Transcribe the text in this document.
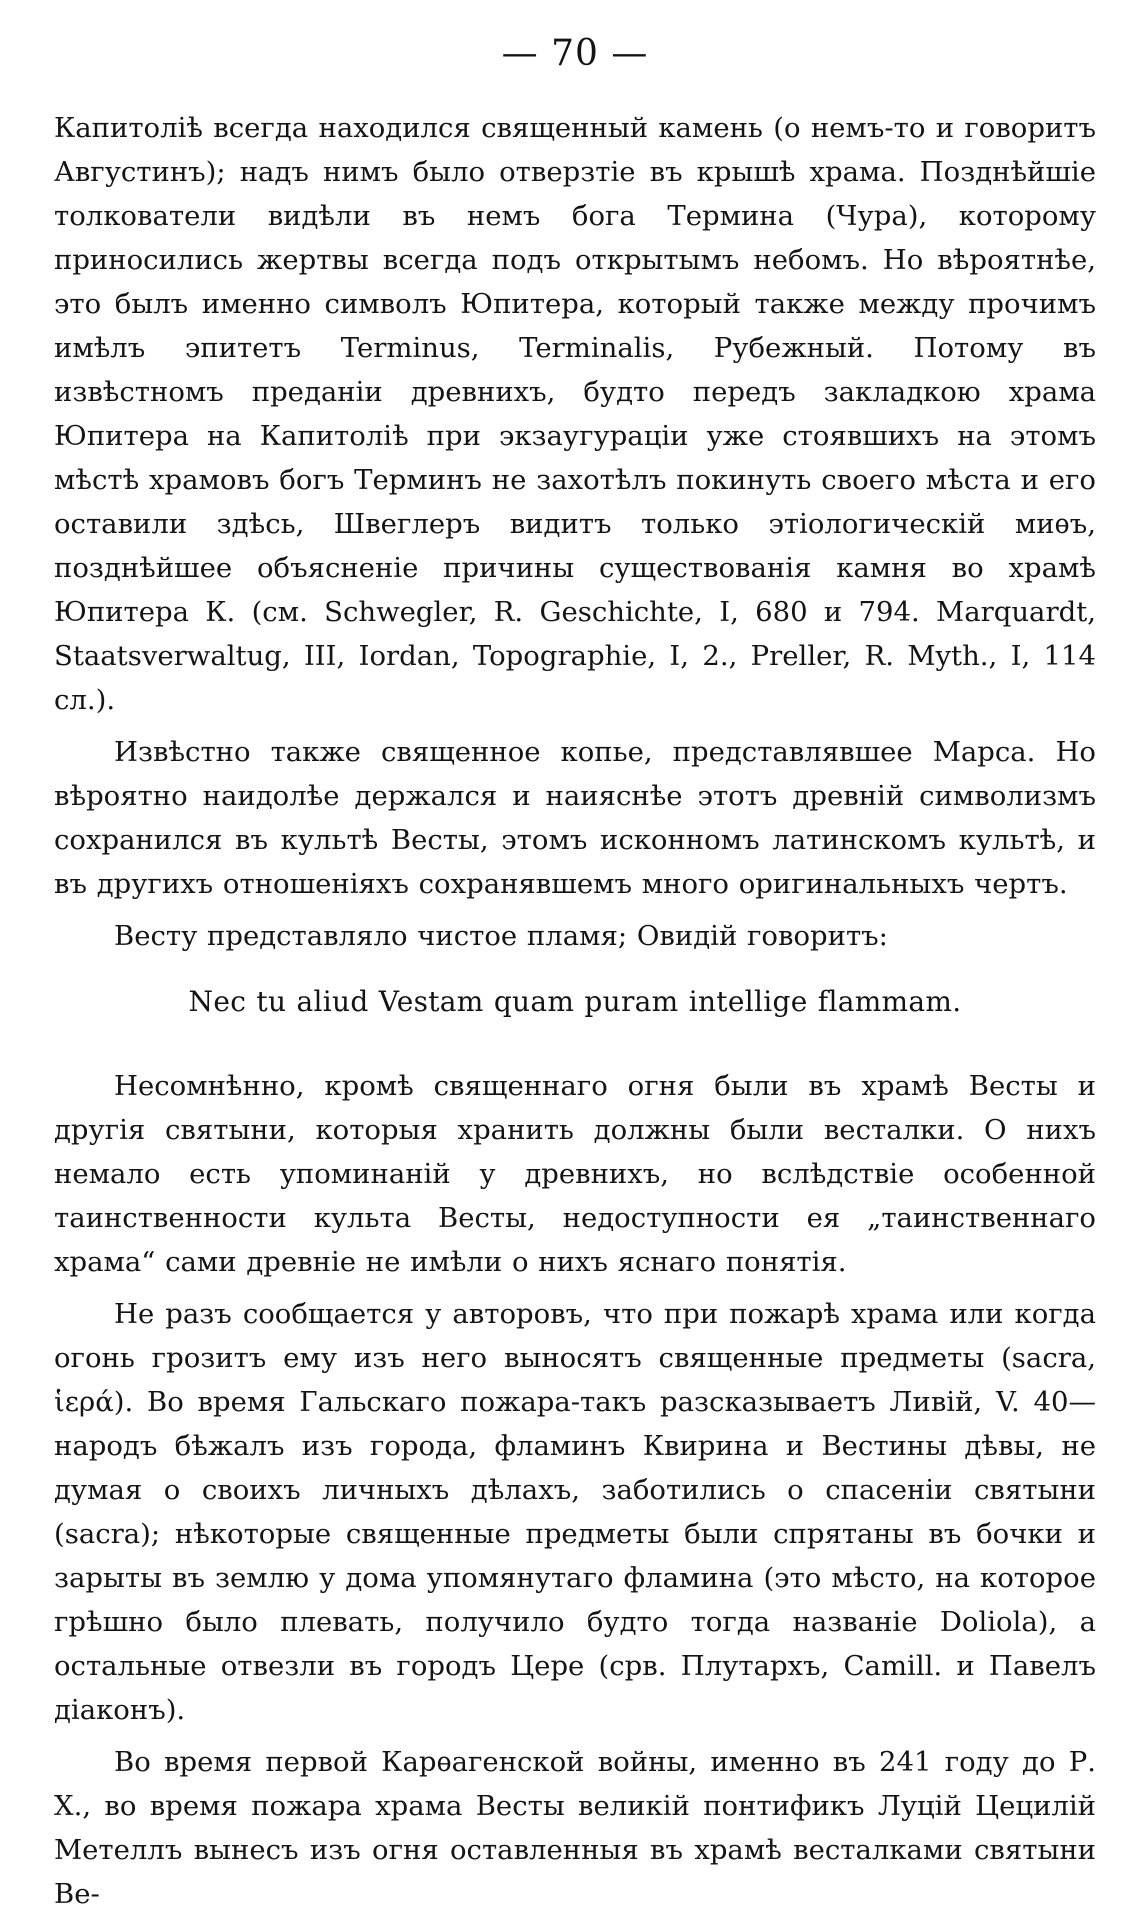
— 70 —

Капитоліѣ всегда находился священный камень (о немъ-то и говоритъ Августинъ); надъ нимъ было отверзтіе въ крышѣ храма. Позднѣйшіе толкователи видѣли въ немъ бога Термина (Чура), которому приносились жертвы всегда подъ открытымъ небомъ. Но вѣроятнѣе, это былъ именно символъ Юпитера, который также между прочимъ имѣлъ эпитетъ Terminus, Terminalis, Рубежный. Потому въ извѣстномъ преданіи древнихъ, будто передъ закладкою храма Юпитера на Капитоліѣ при экзаугураціи уже стоявшихъ на этомъ мѣстѣ храмовъ богъ Терминъ не захотѣлъ покинуть своего мѣста и его оставили здѣсь, Швеглеръ видитъ только этіологическій миѳъ, позднѣйшее объясненіе причины существованія камня во храмѣ Юпитера К. (см. Schwegler, R. Geschichte, I, 680 и 794. Marquardt, Staatsverwaltug, III, Iordan, Topographie, I, 2., Preller, R. Myth., I, 114 сл.).

Извѣстно также священное копье, представлявшее Марса. Но вѣроятно наидолѣе держался и наияснѣе этотъ древній символизмъ сохранился въ культѣ Весты, этомъ исконномъ латинскомъ культѣ, и въ другихъ отношеніяхъ сохранявшемъ много оригинальныхъ чертъ.

Весту представляло чистое пламя; Овидій говоритъ:

Nec tu aliud Vestam quam puram intellige flammam.

Несомнѣнно, кромѣ священнаго огня были въ храмѣ Весты и другія святыни, которыя хранить должны были весталки. О нихъ немало есть упоминаній у древнихъ, но вслѣдствіе особенной таинственности культа Весты, недоступности ея „таинственнаго храма“ сами древніе не имѣли о нихъ яснаго понятія.

Не разъ сообщается у авторовъ, что при пожарѣ храма или когда огонь грозитъ ему изъ него выносятъ священные предметы (sacra, ἱερά). Во время Гальскаго пожара-такъ разсказываетъ Ливій, V. 40—народъ бѣжалъ изъ города, фламинъ Квирина и Вестины дѣвы, не думая о своихъ личныхъ дѣлахъ, заботились о спасеніи святыни (sacra); нѣкоторые священные предметы были спрятаны въ бочки и зарыты въ землю у дома упомянутаго фламина (это мѣсто, на которое грѣшно было плевать, получило будто тогда названіе Doliola), а остальные отвезли въ городъ Цере (срв. Плутархъ, Camill. и Павелъ діаконъ).

Во время первой Карѳагенской войны, именно въ 241 году до Р. Х., во время пожара храма Весты великій понтификъ Луцій Цецилій Метеллъ вынесъ изъ огня оставленныя въ храмѣ весталками святыни Ве-
